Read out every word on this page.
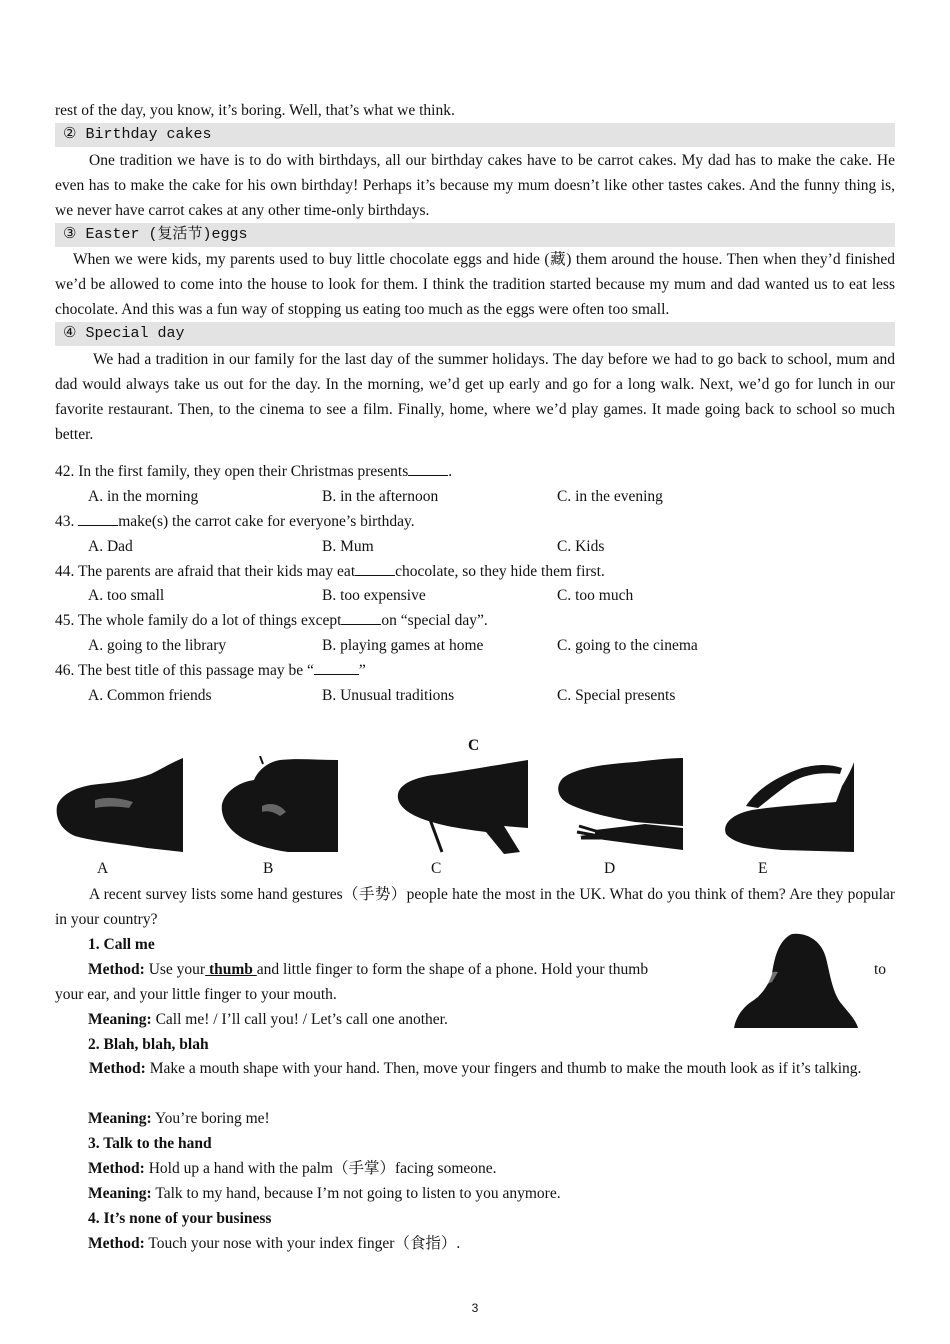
rest of the day, you know, it’s boring. Well, that’s what we think.
② Birthday cakes
One tradition we have is to do with birthdays, all our birthday cakes have to be carrot cakes. My dad has to make the cake. He even has to make the cake for his own birthday! Perhaps it’s because my mum doesn’t like other tastes cakes. And the funny thing is, we never have carrot cakes at any other time-only birthdays.
③ Easter (复活节)eggs
When we were kids, my parents used to buy little chocolate eggs and hide (藏) them around the house. Then when they’d finished we’d be allowed to come into the house to look for them. I think the tradition started because my mum and dad wanted us to eat less chocolate. And this was a fun way of stopping us eating too much as the eggs were often too small.
④ Special day
We had a tradition in our family for the last day of the summer holidays. The day before we had to go back to school, mum and dad would always take us out for the day. In the morning, we’d get up early and go for a long walk. Next, we’d go for lunch in our favorite restaurant. Then, to the cinema to see a film. Finally, home, where we’d play games. It made going back to school so much better.
42. In the first family, they open their Christmas presents	.
A. in the morning	B. in the afternoon	C. in the evening
43.	make(s) the carrot cake for everyone’s birthday.
A. Dad	B. Mum	C. Kids
44. The parents are afraid that their kids may eat	chocolate, so they hide them first.
A. too small	B. too expensive	C. too much
45. The whole family do a lot of things except	on “special day”.
A. going to the library	B. playing games at home	C. going to the cinema
46. The best title of this passage may be “	”
A. Common friends	B. Unusual traditions	C. Special presents
C
A	B	C	D	E
A recent survey lists some hand gestures（手势）people hate the most in the UK. What do you think of them? Are they popular in your country?
1. Call me
Method: Use your thumb and little finger to form the shape of a phone. Hold your thumb	to
your ear, and your little finger to your mouth.
Meaning: Call me! / I’ll call you! / Let’s call one another.
2. Blah, blah, blah
Method: Make a mouth shape with your hand. Then, move your fingers and thumb to make the mouth look as if it’s talking.
Meaning: You’re boring me!
3. Talk to the hand
Method: Hold up a hand with the palm（手掌）facing someone.
Meaning: Talk to my hand, because I’m not going to listen to you anymore.
4. It’s none of your business
Method: Touch your nose with your index finger（食指）.
3
